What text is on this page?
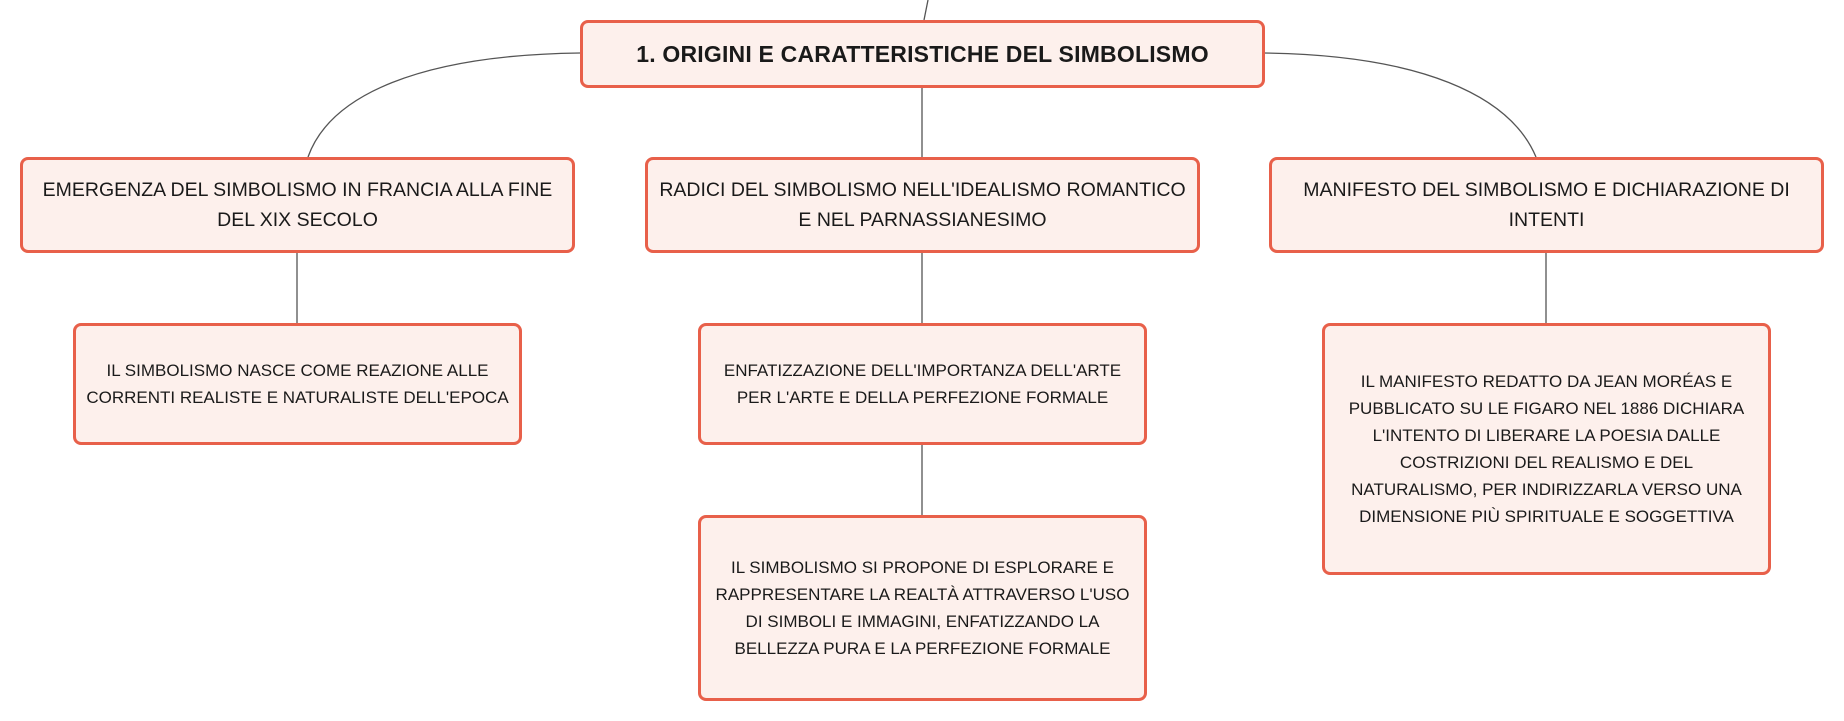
1. ORIGINI E CARATTERISTICHE DEL SIMBOLISMO
EMERGENZA DEL SIMBOLISMO IN FRANCIA ALLA FINE DEL XIX SECOLO
RADICI DEL SIMBOLISMO NELL'IDEALISMO ROMANTICO E NEL PARNASSIANESIMO
MANIFESTO DEL SIMBOLISMO E DICHIARAZIONE DI INTENTI
IL SIMBOLISMO NASCE COME REAZIONE ALLE CORRENTI REALISTE E NATURALISTE DELL'EPOCA
ENFATIZZAZIONE DELL'IMPORTANZA DELL'ARTE PER L'ARTE E DELLA PERFEZIONE FORMALE
IL SIMBOLISMO SI PROPONE DI ESPLORARE E RAPPRESENTARE LA REALTÀ ATTRAVERSO L'USO DI SIMBOLI E IMMAGINI, ENFATIZZANDO LA BELLEZZA PURA E LA PERFEZIONE FORMALE
IL MANIFESTO REDATTO DA JEAN MORÉAS E PUBBLICATO SU LE FIGARO NEL 1886 DICHIARA L'INTENTO DI LIBERARE LA POESIA DALLE COSTRIZIONI DEL REALISMO E DEL NATURALISMO, PER INDIRIZZARLA VERSO UNA DIMENSIONE PIÙ SPIRITUALE E SOGGETTIVA
